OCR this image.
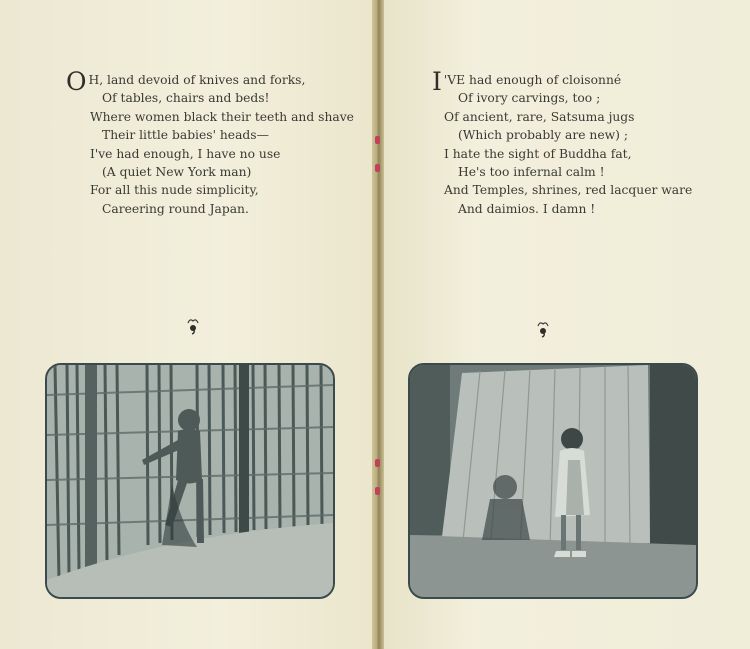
O H, land devoid of knives and forks,
Of tables, chairs and beds!
Where women black their teeth and shave
Their little babies' heads—
I've had enough, I have no use
(A quiet New York man)
For all this nude simplicity,
Careering round Japan.
I 'VE had enough of cloisonné
Of ivory carvings, too ;
Of ancient, rare, Satsuma jugs
(Which probably are new) ;
I hate the sight of Buddha fat,
He's too infernal calm !
And Temples, shrines, red lacquer ware
And daimios. I damn !
